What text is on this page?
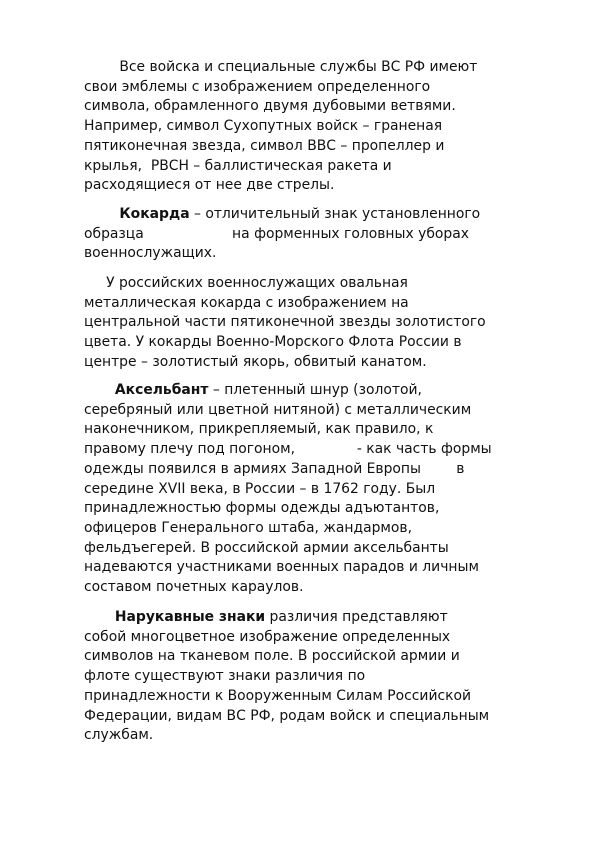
Все войска и специальные службы ВС РФ имеют
свои эмблемы с изображением определенного
символа, обрамленного двумя дубовыми ветвями.
Например, символ Сухопутных войск – граненая
пятиконечная звезда, символ ВВС – пропеллер и
крылья,  РВСН – баллистическая ракета и
расходящиеся от нее две стрелы.
Кокарда – отличительный знак установленного
образца                    на форменных головных уборах
военнослужащих.
У российских военнослужащих овальная
металлическая кокарда с изображением на
центральной части пятиконечной звезды золотистого
цвета. У кокарды Военно-Морского Флота России в
центре – золотистый якорь, обвитый канатом.
Аксельбант – плетенный шнур (золотой,
серебряный или цветной нитяной) с металлическим
наконечником, прикрепляемый, как правило, к
правому плечу под погоном,              - как часть формы
одежды появился в армиях Западной Европы        в
середине XVII века, в России – в 1762 году. Был
принадлежностью формы одежды адъютантов,
офицеров Генерального штаба, жандармов,
фельдъегерей. В российской армии аксельбанты
надеваются участниками военных парадов и личным
составом почетных караулов.
Нарукавные знаки различия представляют
собой многоцветное изображение определенных
символов на тканевом поле. В российской армии и
флоте существуют знаки различия по
принадлежности к Вооруженным Силам Российской
Федерации, видам ВС РФ, родам войск и специальным
службам.
